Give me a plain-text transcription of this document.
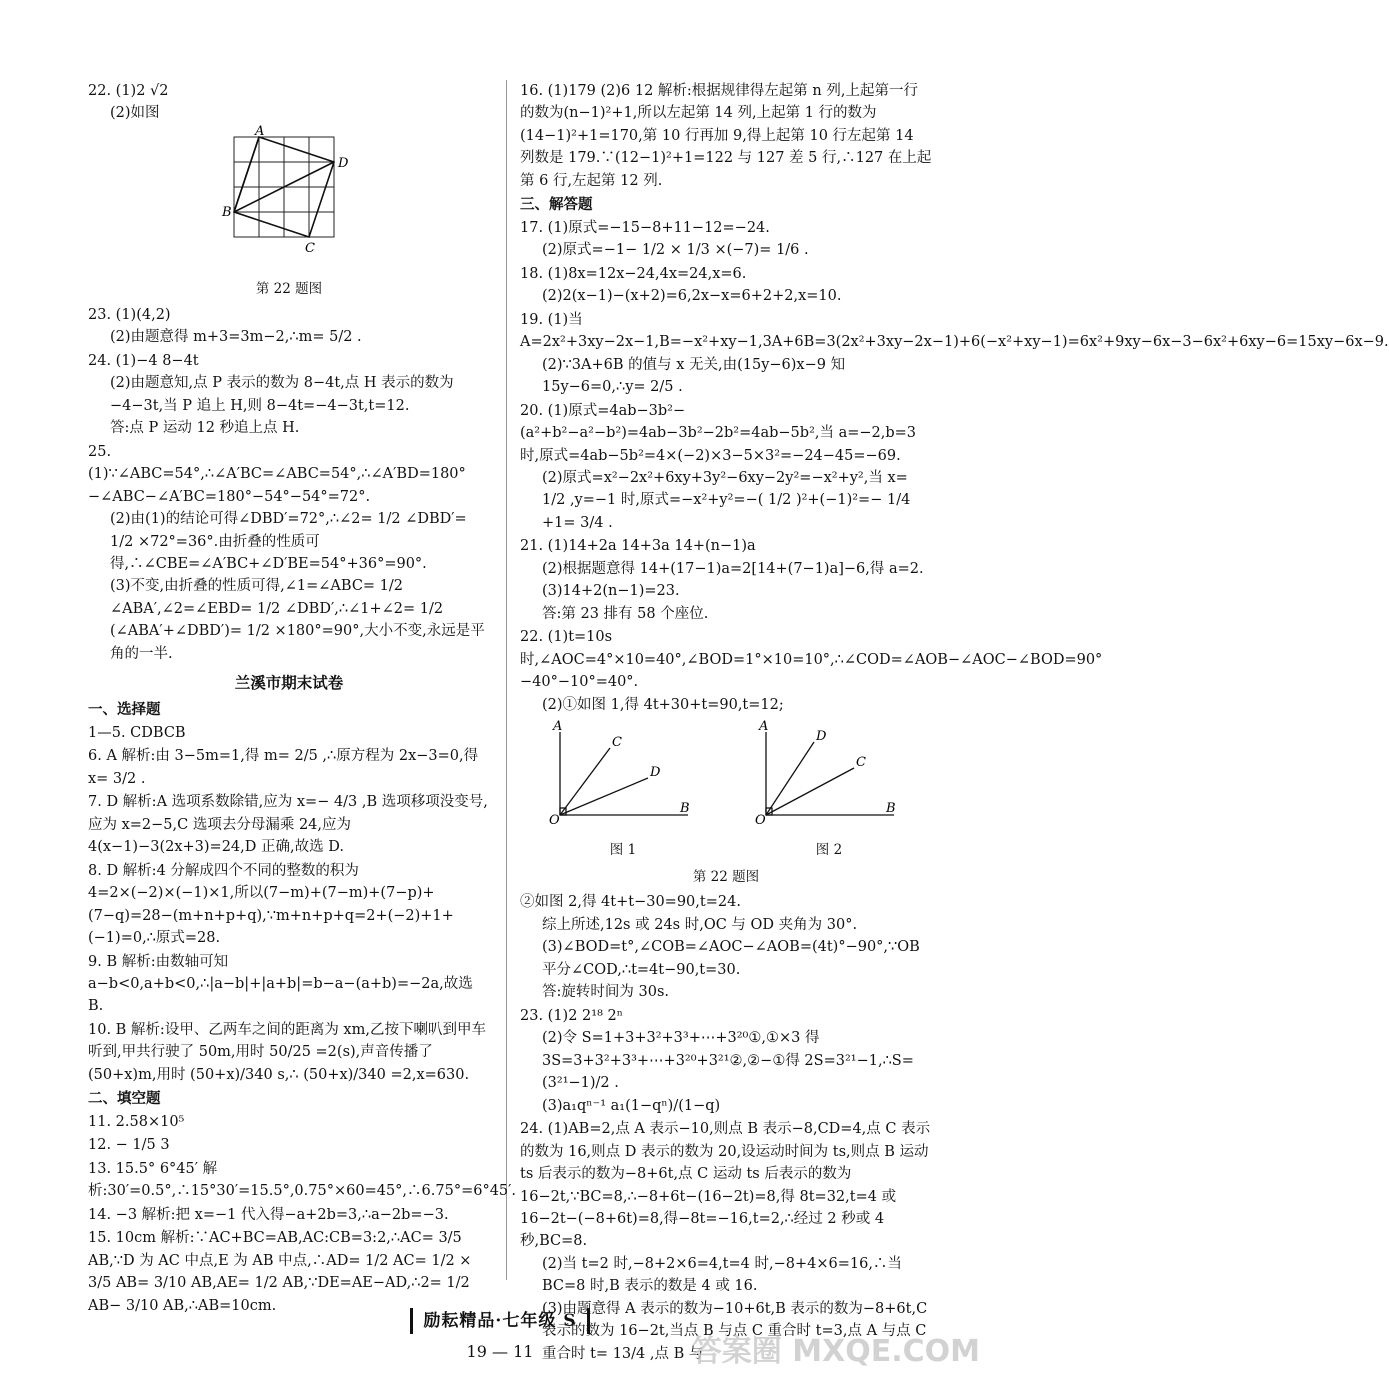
22. (1)2 √2
(2)如图
A
D
B
C
第 22 题图
23. (1)(4,2)
(2)由题意得 m+3=3m−2,∴m= 5/2 .
24. (1)−4 8−4t
(2)由题意知,点 P 表示的数为 8−4t,点 H 表示的数为 −4−3t,当 P 追上 H,则 8−4t=−4−3t,t=12.
答:点 P 运动 12 秒追上点 H.
25. (1)∵∠ABC=54°,∴∠A′BC=∠ABC=54°,∴∠A′BD=180°−∠ABC−∠A′BC=180°−54°−54°=72°.
(2)由(1)的结论可得∠DBD′=72°,∴∠2= 1/2 ∠DBD′= 1/2 ×72°=36°.由折叠的性质可得,∴∠CBE=∠A′BC+∠D′BE=54°+36°=90°.
(3)不变,由折叠的性质可得,∠1=∠ABC= 1/2 ∠ABA′,∠2=∠EBD= 1/2 ∠DBD′,∴∠1+∠2= 1/2 (∠ABA′+∠DBD′)= 1/2 ×180°=90°,大小不变,永远是平角的一半.
兰溪市期末试卷
一、选择题
1—5. CDBCB
6. A 解析:由 3−5m=1,得 m= 2/5 ,∴原方程为 2x−3=0,得 x= 3/2 .
7. D 解析:A 选项系数除错,应为 x=− 4/3 ,B 选项移项没变号,应为 x=2−5,C 选项去分母漏乘 24,应为 4(x−1)−3(2x+3)=24,D 正确,故选 D.
8. D 解析:4 分解成四个不同的整数的积为 4=2×(−2)×(−1)×1,所以(7−m)+(7−m)+(7−p)+(7−q)=28−(m+n+p+q),∵m+n+p+q=2+(−2)+1+(−1)=0,∴原式=28.
9. B 解析:由数轴可知 a−b<0,a+b<0,∴|a−b|+|a+b|=b−a−(a+b)=−2a,故选 B.
10. B 解析:设甲、乙两车之间的距离为 xm,乙按下喇叭到甲车听到,甲共行驶了 50m,用时 50/25 =2(s),声音传播了(50+x)m,用时 (50+x)/340 s,∴ (50+x)/340 =2,x=630.
二、填空题
11. 2.58×10⁵
12. − 1/5 3
13. 15.5° 6°45′ 解析:30′=0.5°,∴15°30′=15.5°,0.75°×60=45°,∴6.75°=6°45′.
14. −3 解析:把 x=−1 代入得−a+2b=3,∴a−2b=−3.
15. 10cm 解析:∵AC+BC=AB,AC:CB=3:2,∴AC= 3/5 AB,∵D 为 AC 中点,E 为 AB 中点,∴AD= 1/2 AC= 1/2 × 3/5 AB= 3/10 AB,AE= 1/2 AB,∵DE=AE−AD,∴2= 1/2 AB− 3/10 AB,∴AB=10cm.
16. (1)179 (2)6 12 解析:根据规律得左起第 n 列,上起第一行的数为(n−1)²+1,所以左起第 14 列,上起第 1 行的数为(14−1)²+1=170,第 10 行再加 9,得上起第 10 行左起第 14 列数是 179.∵(12−1)²+1=122 与 127 差 5 行,∴127 在上起第 6 行,左起第 12 列.
三、解答题
17. (1)原式=−15−8+11−12=−24.
(2)原式=−1− 1/2 × 1/3 ×(−7)= 1/6 .
18. (1)8x=12x−24,4x=24,x=6.
(2)2(x−1)−(x+2)=6,2x−x=6+2+2,x=10.
19. (1)当 A=2x²+3xy−2x−1,B=−x²+xy−1,3A+6B=3(2x²+3xy−2x−1)+6(−x²+xy−1)=6x²+9xy−6x−3−6x²+6xy−6=15xy−6x−9.
(2)∵3A+6B 的值与 x 无关,由(15y−6)x−9 知 15y−6=0,∴y= 2/5 .
20. (1)原式=4ab−3b²−(a²+b²−a²−b²)=4ab−3b²−2b²=4ab−5b²,当 a=−2,b=3 时,原式=4ab−5b²=4×(−2)×3−5×3²=−24−45=−69.
(2)原式=x²−2x²+6xy+3y²−6xy−2y²=−x²+y²,当 x= 1/2 ,y=−1 时,原式=−x²+y²=−( 1/2 )²+(−1)²=− 1/4 +1= 3/4 .
21. (1)14+2a 14+3a 14+(n−1)a
(2)根据题意得 14+(17−1)a=2[14+(7−1)a]−6,得 a=2.
(3)14+2(n−1)=23.
答:第 23 排有 58 个座位.
22. (1)t=10s 时,∠AOC=4°×10=40°,∠BOD=1°×10=10°,∴∠COD=∠AOB−∠AOC−∠BOD=90°−40°−10°=40°.
(2)①如图 1,得 4t+30+t=90,t=12;
A
C
D
B
O
图 1
A
D
C
B
O
图 2
第 22 题图
②如图 2,得 4t+t−30=90,t=24.
综上所述,12s 或 24s 时,OC 与 OD 夹角为 30°.
(3)∠BOD=t°,∠COB=∠AOC−∠AOB=(4t)°−90°,∵OB 平分∠COD,∴t=4t−90,t=30.
答:旋转时间为 30s.
23. (1)2 2¹⁸ 2ⁿ
(2)令 S=1+3+3²+3³+⋯+3²⁰①,①×3 得 3S=3+3²+3³+⋯+3²⁰+3²¹②,②−①得 2S=3²¹−1,∴S= (3²¹−1)/2 .
(3)a₁qⁿ⁻¹ a₁(1−qⁿ)/(1−q)
24. (1)AB=2,点 A 表示−10,则点 B 表示−8,CD=4,点 C 表示的数为 16,则点 D 表示的数为 20,设运动时间为 ts,则点 B 运动 ts 后表示的数为−8+6t,点 C 运动 ts 后表示的数为 16−2t,∵BC=8,∴−8+6t−(16−2t)=8,得 8t=32,t=4 或 16−2t−(−8+6t)=8,得−8t=−16,t=2,∴经过 2 秒或 4 秒,BC=8.
(2)当 t=2 时,−8+2×6=4,t=4 时,−8+4×6=16,∴当 BC=8 时,B 表示的数是 4 或 16.
(3)由题意得 A 表示的数为−10+6t,B 表示的数为−8+6t,C 表示的数为 16−2t,当点 B 与点 C 重合时 t=3,点 A 与点 C 重合时 t= 13/4 ,点 B 与
励耘精品·七年级 S
19 — 11	答案圈 MXQE.COM
